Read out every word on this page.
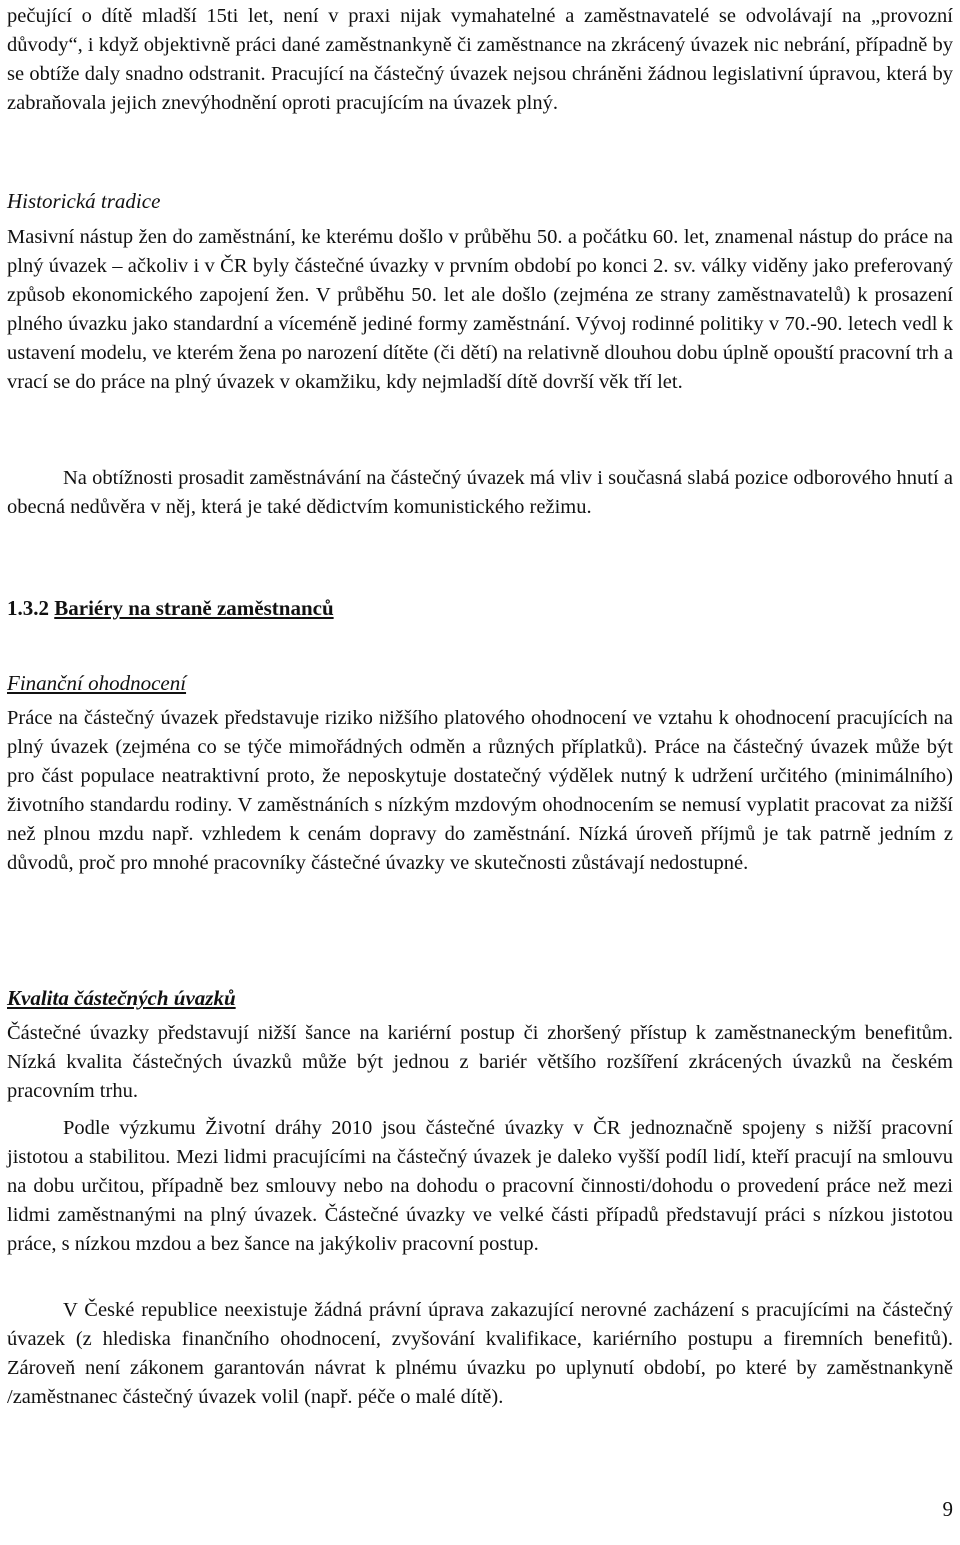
pečující o dítě mladší 15ti let, není v praxi nijak vymahatelné a zaměstnavatelé se odvolávají na „provozní důvody“, i když objektivně práci dané zaměstnankyně či zaměstnance na zkrácený úvazek nic nebrání, případně by se obtíže daly snadno odstranit. Pracující na částečný úvazek nejsou chráněni žádnou legislativní úpravou, která by zabraňovala jejich znevýhodnění oproti pracujícím na úvazek plný.

Historická tradice

Masivní nástup žen do zaměstnání, ke kterému došlo v průběhu 50. a počátku 60. let, znamenal nástup do práce na plný úvazek – ačkoliv i v ČR byly částečné úvazky v prvním období po konci 2. sv. války viděny jako preferovaný způsob ekonomického zapojení žen. V průběhu 50. let ale došlo (zejména ze strany zaměstnavatelů) k prosazení plného úvazku jako standardní a víceméně jediné formy zaměstnání. Vývoj rodinné politiky v 70.-90. letech vedl k ustavení modelu, ve kterém žena po narození dítěte (či dětí) na relativně dlouhou dobu úplně opouští pracovní trh a vrací se do práce na plný úvazek v okamžiku, kdy nejmladší dítě dovrší věk tří let.

Na obtížnosti prosadit zaměstnávání na částečný úvazek má vliv i současná slabá pozice odborového hnutí a obecná nedůvěra v něj, která je také dědictvím komunistického režimu.

1.3.2 Bariéry na straně zaměstnanců
Finanční ohodnocení

Práce na částečný úvazek představuje riziko nižšího platového ohodnocení ve vztahu k ohodnocení pracujících na plný úvazek (zejména co se týče mimořádných odměn a různých příplatků). Práce na částečný úvazek může být pro část populace neatraktivní proto, že neposkytuje dostatečný výdělek nutný k udržení určitého (minimálního) životního standardu rodiny. V zaměstnáních s nízkým mzdovým ohodnocením se nemusí vyplatit pracovat za nižší než plnou mzdu např. vzhledem k cenám dopravy do zaměstnání. Nízká úroveň příjmů je tak patrně jedním z důvodů, proč pro mnohé pracovníky částečné úvazky ve skutečnosti zůstávají nedostupné.

Kvalita částečných úvazků

Částečné úvazky představují nižší šance na kariérní postup či zhoršený přístup k zaměstnaneckým benefitům. Nízká kvalita částečných úvazků může být jednou z bariér většího rozšíření zkrácených úvazků na českém pracovním trhu.

Podle výzkumu Životní dráhy 2010 jsou částečné úvazky v ČR jednoznačně spojeny s nižší pracovní jistotou a stabilitou. Mezi lidmi pracujícími na částečný úvazek je daleko vyšší podíl lidí, kteří pracují na smlouvu na dobu určitou, případně bez smlouvy nebo na dohodu o pracovní činnosti/dohodu o provedení práce než mezi lidmi zaměstnanými na plný úvazek. Částečné úvazky ve velké části případů představují práci s nízkou jistotou práce, s nízkou mzdou a bez šance na jakýkoliv pracovní postup.

V České republice neexistuje žádná právní úprava zakazující nerovné zacházení s pracujícími na částečný úvazek (z hlediska finančního ohodnocení, zvyšování kvalifikace, kariérního postupu a firemních benefitů). Zároveň není zákonem garantován návrat k plnému úvazku po uplynutí období, po které by zaměstnankyně /zaměstnanec částečný úvazek volil (např. péče o malé dítě).

9
